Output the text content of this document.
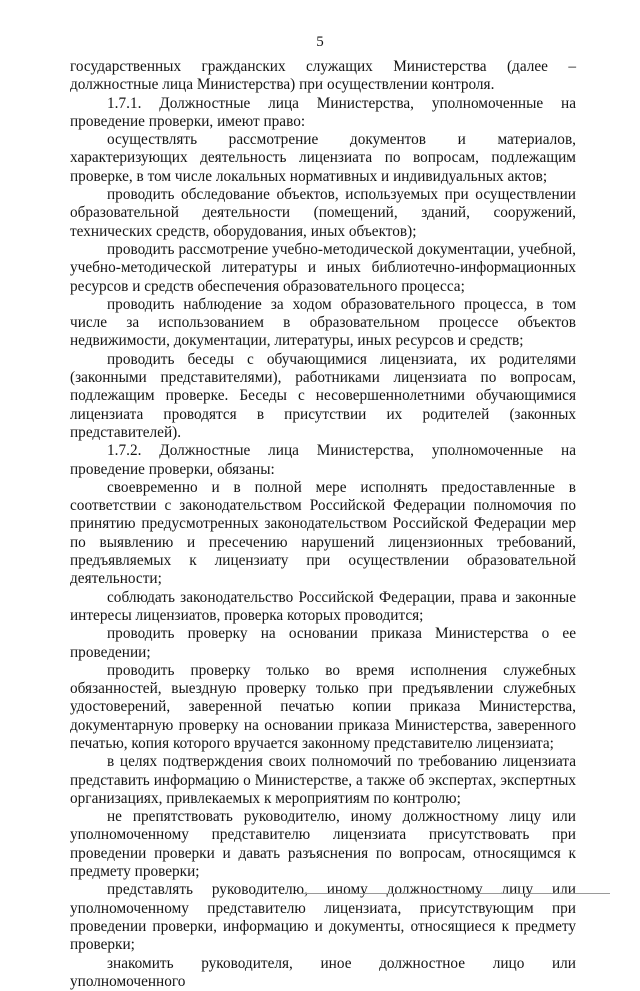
5

государственных гражданских служащих Министерства (далее – должностные лица Министерства) при осуществлении контроля.

1.7.1. Должностные лица Министерства, уполномоченные на проведение проверки, имеют право:

осуществлять рассмотрение документов и материалов, характеризующих деятельность лицензиата по вопросам, подлежащим проверке, в том числе локальных нормативных и индивидуальных актов;

проводить обследование объектов, используемых при осуществлении образовательной деятельности (помещений, зданий, сооружений, технических средств, оборудования, иных объектов);

проводить рассмотрение учебно-методической документации, учебной, учебно-методической литературы и иных библиотечно-информационных ресурсов и средств обеспечения образовательного процесса;

проводить наблюдение за ходом образовательного процесса, в том числе за использованием в образовательном процессе объектов недвижимости, документации, литературы, иных ресурсов и средств;

проводить беседы с обучающимися лицензиата, их родителями (законными представителями), работниками лицензиата по вопросам, подлежащим проверке. Беседы с несовершеннолетними обучающимися лицензиата проводятся в присутствии их родителей (законных представителей).

1.7.2. Должностные лица Министерства, уполномоченные на проведение проверки, обязаны:

своевременно и в полной мере исполнять предоставленные в соответствии с законодательством Российской Федерации полномочия по принятию предусмотренных законодательством Российской Федерации мер по выявлению и пресечению нарушений лицензионных требований, предъявляемых к лицензиату при осуществлении образовательной деятельности;

соблюдать законодательство Российской Федерации, права и законные интересы лицензиатов, проверка которых проводится;

проводить проверку на основании приказа Министерства о ее проведении;

проводить проверку только во время исполнения служебных обязанностей, выездную проверку только при предъявлении служебных удостоверений, заверенной печатью копии приказа Министерства, документарную проверку на основании приказа Министерства, заверенного печатью, копия которого вручается законному представителю лицензиата;

в целях подтверждения своих полномочий по требованию лицензиата представить информацию о Министерстве, а также об экспертах, экспертных организациях, привлекаемых к мероприятиям по контролю;

не препятствовать руководителю, иному должностному лицу или уполномоченному представителю лицензиата присутствовать при проведении проверки и давать разъяснения по вопросам, относящимся к предмету проверки;

представлять руководителю, иному должностному лицу или уполномоченному представителю лицензиата, присутствующим при проведении проверки, информацию и документы, относящиеся к предмету проверки;

знакомить руководителя, иное должностное лицо или уполномоченного
